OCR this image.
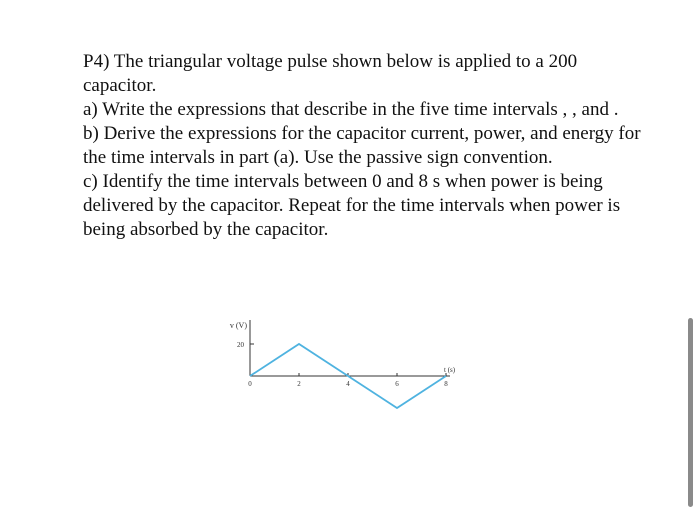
P4) The triangular voltage pulse shown below is applied to a 200 capacitor.

a) Write the expressions that describe in the five time intervals , , and .

b) Derive the expressions for the capacitor current, power, and energy for the time intervals in part (a). Use the passive sign convention.

c) Identify the time intervals between 0 and 8 s when power is being delivered by the capacitor. Repeat for the time intervals when power is being absorbed by the capacitor.

v (V)
t (s)
20
0	2	4	6	8
